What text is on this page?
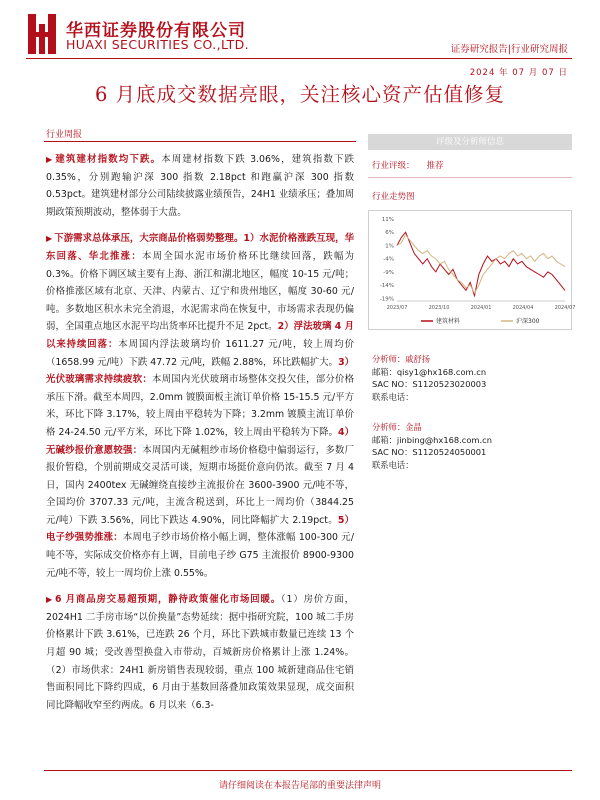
华西证券股份有限公司
HUAXI SECURITIES CO.,LTD.	证券研究报告|行业研究周报
2024 年 07 月 07 日
6 月底成交数据亮眼，关注核心资产估值修复
行业周报

▶ 建筑建材指数均下跌。本周建材指数下跌 3.06%，建筑指数下跌 0.35%，分别跑输沪深 300 指数 2.18pct 和跑赢沪深 300 指数 0.53pct。建筑建材部分公司陆续披露业绩预告，24H1 业绩承压；叠加周期政策预期波动，整体弱于大盘。

▶ 下游需求总体承压，大宗商品价格弱势整理。1）水泥价格涨跌互现，华东回落、华北推涨：本周全国水泥市场价格环比继续回落，跌幅为 0.3%。价格下调区域主要有上海、浙江和湖北地区，幅度 10-15 元/吨；价格推涨区域有北京、天津、内蒙古、辽宁和贵州地区，幅度 30-60 元/吨。多数地区积水未完全消退，水泥需求尚在恢复中，市场需求表现仍偏弱，全国重点地区水泥平均出货率环比提升不足 2pct。2）浮法玻璃 4 月以来持续回落：本周国内浮法玻璃均价 1611.27 元/吨，较上周均价（1658.99 元/吨）下跌 47.72 元/吨，跌幅 2.88%，环比跌幅扩大。3）光伏玻璃需求持续疲软：本周国内光伏玻璃市场整体交投欠佳，部分价格承压下滑。截至本周四，2.0mm 镀膜面板主流订单价格 15-15.5 元/平方米，环比下降 3.17%，较上周由平稳转为下降；3.2mm 镀膜主流订单价格 24-24.50 元/平方米，环比下降 1.02%，较上周由平稳转为下降。4）无碱纱报价意愿较强：本周国内无碱粗纱市场价格稳中偏弱运行，多数厂报价暂稳，个别前期成交灵活可谈，短期市场挺价意向仍浓。截至 7 月 4 日，国内 2400tex 无碱缠绕直接纱主流报价在 3600-3900 元/吨不等，全国均价 3707.33 元/吨，主流含税送到，环比上一周均价（3844.25 元/吨）下跌 3.56%，同比下跌达 4.90%，同比降幅扩大 2.19pct。5）电子纱强势推涨：本周电子纱市场价格小幅上调，整体涨幅 100-300 元/吨不等，实际成交价格亦有上调，目前电子纱 G75 主流报价 8900-9300 元/吨不等，较上一周均价上涨 0.55%。

▶ 6 月商品房交易超预期，静待政策催化市场回暖。（1）房价方面，2024H1 二手房市场“以价换量”态势延续：据中指研究院，100 城二手房价格累计下跌 3.61%，已连跌 26 个月，环比下跌城市数量已连续 13 个月超 90 城；受改善型换盘入市带动，百城新房价格累计上涨 1.24%。（2）市场供求：24H1 新房销售表现较弱，重点 100 城新建商品住宅销售面积同比下降约四成，6 月由于基数回落叠加政策效果显现，成交面积同比降幅收窄至约两成。6 月以来（6.3-

评级及分析师信息
行业评级： 推荐
行业走势图
11%
6%
1%
-4%
-9%
-14%
-19%
2023/07	2023/10	2024/01	2024/04	2024/07
建筑材料	沪深300
分析师：戚舒扬
邮箱：qisy1@hx168.com.cn
SAC NO：S1120523020003
联系电话：
分析师：金晶
邮箱：jinbing@hx168.com.cn
SAC NO：S1120524050001
联系电话：
请仔细阅读在本报告尾部的重要法律声明
